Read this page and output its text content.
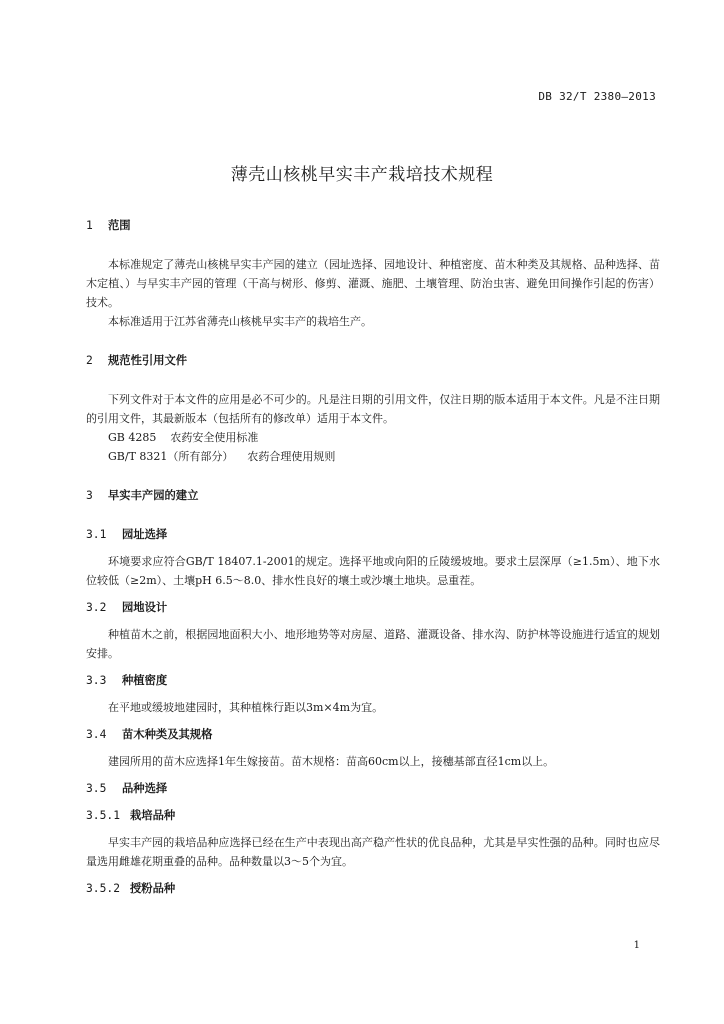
DB 32/T 2380—2013
薄壳山核桃早实丰产栽培技术规程
1 范围

本标准规定了薄壳山核桃早实丰产园的建立（园址选择、园地设计、种植密度、苗木种类及其规格、品种选择、苗木定植、）与早实丰产园的管理（干高与树形、修剪、灌溉、施肥、土壤管理、防治虫害、避免田间操作引起的伤害）技术。

本标准适用于江苏省薄壳山核桃早实丰产的栽培生产。

2 规范性引用文件

下列文件对于本文件的应用是必不可少的。凡是注日期的引用文件，仅注日期的版本适用于本文件。凡是不注日期的引用文件，其最新版本（包括所有的修改单）适用于本文件。

GB 4285 农药安全使用标准

GB/T 8321（所有部分） 农药合理使用规则

3 早实丰产园的建立
3.1 园址选择

环境要求应符合GB/T 18407.1-2001的规定。选择平地或向阳的丘陵缓坡地。要求土层深厚（≥1.5m）、地下水位较低（≥2m）、土壤pH 6.5～8.0、排水性良好的壤土或沙壤土地块。忌重茬。

3.2 园地设计

种植苗木之前，根据园地面积大小、地形地势等对房屋、道路、灌溉设备、排水沟、防护林等设施进行适宜的规划安排。

3.3 种植密度

在平地或缓坡地建园时，其种植株行距以3m×4m为宜。

3.4 苗木种类及其规格

建园所用的苗木应选择1年生嫁接苗。苗木规格：苗高60cm以上，接穗基部直径1cm以上。

3.5 品种选择
3.5.1 栽培品种

早实丰产园的栽培品种应选择已经在生产中表现出高产稳产性状的优良品种，尤其是早实性强的品种。同时也应尽量选用雌雄花期重叠的品种。品种数量以3～5个为宜。

3.5.2 授粉品种
1
